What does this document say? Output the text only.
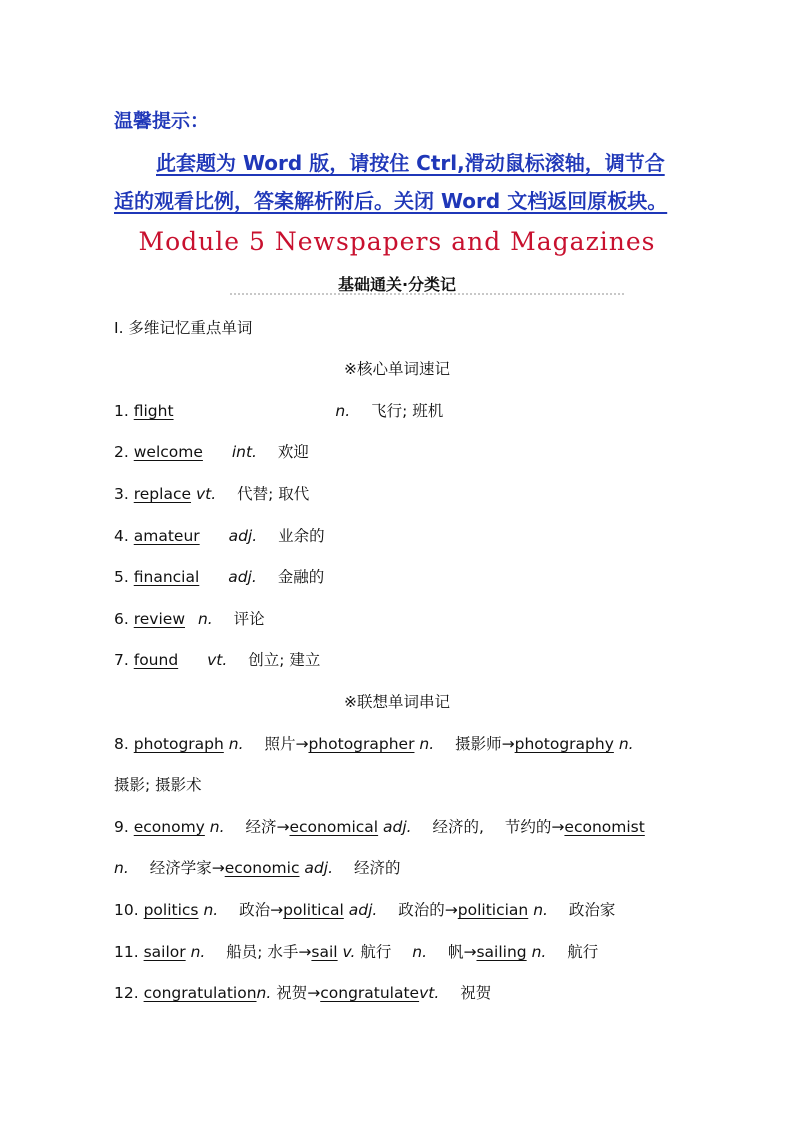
温馨提示：
此套题为 Word 版，请按住 Ctrl,滑动鼠标滚轴，调节合
适的观看比例，答案解析附后。关闭 Word 文档返回原板块。
Module 5 Newspapers and Magazines
基础通关·分类记
Ⅰ. 多维记忆重点单词
※核心单词速记
1. flight	n. 飞行; 班机
2. welcome int. 欢迎
3. replace vt. 代替; 取代
4. amateur adj. 业余的
5. financial adj. 金融的
6. review n. 评论
7. found vt. 创立; 建立
※联想单词串记
8. photograph n. 照片→photographer n. 摄影师→photography n.
摄影; 摄影术
9. economy n. 经济→economical adj. 经济的, 节约的→economist
n. 经济学家→economic adj. 经济的
10. politics n. 政治→political adj. 政治的→politician n. 政治家
11. sailor n. 船员; 水手→sail v. 航行 n. 帆→sailing n. 航行
12. congratulationn. 祝贺→congratulatevt. 祝贺
